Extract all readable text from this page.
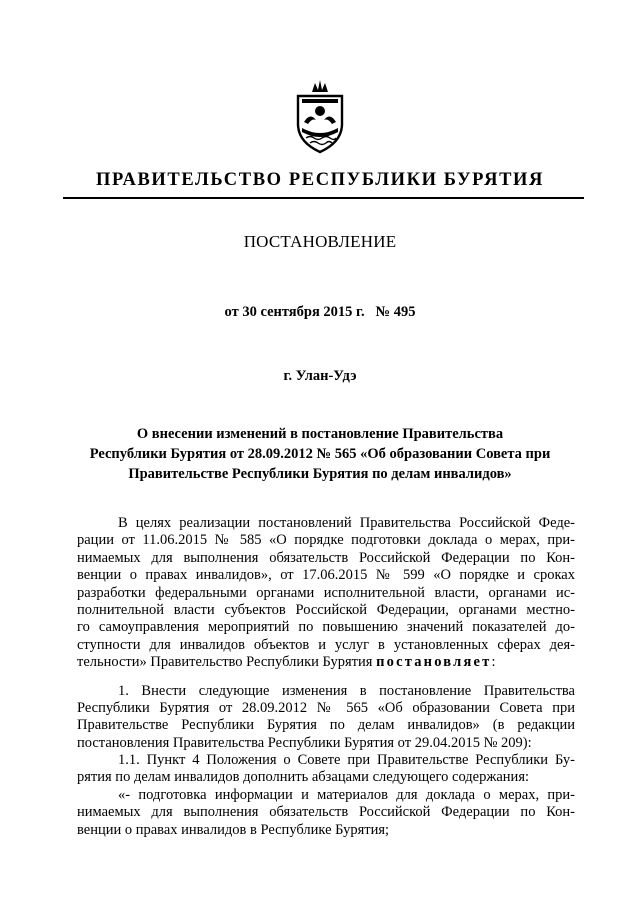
ПРАВИТЕЛЬСТВО РЕСПУБЛИКИ БУРЯТИЯ
ПОСТАНОВЛЕНИЕ
от 30 сентября 2015 г.   № 495
г. Улан-Удэ
О внесении изменений в постановление Правительства
Республики Бурятия от 28.09.2012 № 565 «Об образовании Совета при
Правительстве Республики Бурятия по делам инвалидов»
В целях реализации постановлений Правительства Российской Феде-
рации от 11.06.2015 № 585 «О порядке подготовки доклада о мерах, при-
нимаемых для выполнения обязательств Российской Федерации по Кон-
венции о правах инвалидов», от 17.06.2015 № 599 «О порядке и сроках
разработки федеральными органами исполнительной власти, органами ис-
полнительной власти субъектов Российской Федерации, органами местно-
го самоуправления мероприятий по повышению значений показателей до-
ступности для инвалидов объектов и услуг в установленных сферах дея-
тельности» Правительство Республики Бурятия постановляет:
1. Внести следующие изменения в постановление Правительства
Республики Бурятия от 28.09.2012 № 565 «Об образовании Совета при
Правительстве Республики Бурятия по делам инвалидов» (в редакции
постановления Правительства Республики Бурятия от 29.04.2015 № 209):
1.1. Пункт 4 Положения о Совете при Правительстве Республики Бу-
рятия по делам инвалидов дополнить абзацами следующего содержания:
«- подготовка информации и материалов для доклада о мерах, при-
нимаемых для выполнения обязательств Российской Федерации по Кон-
венции о правах инвалидов в Республике Бурятия;
